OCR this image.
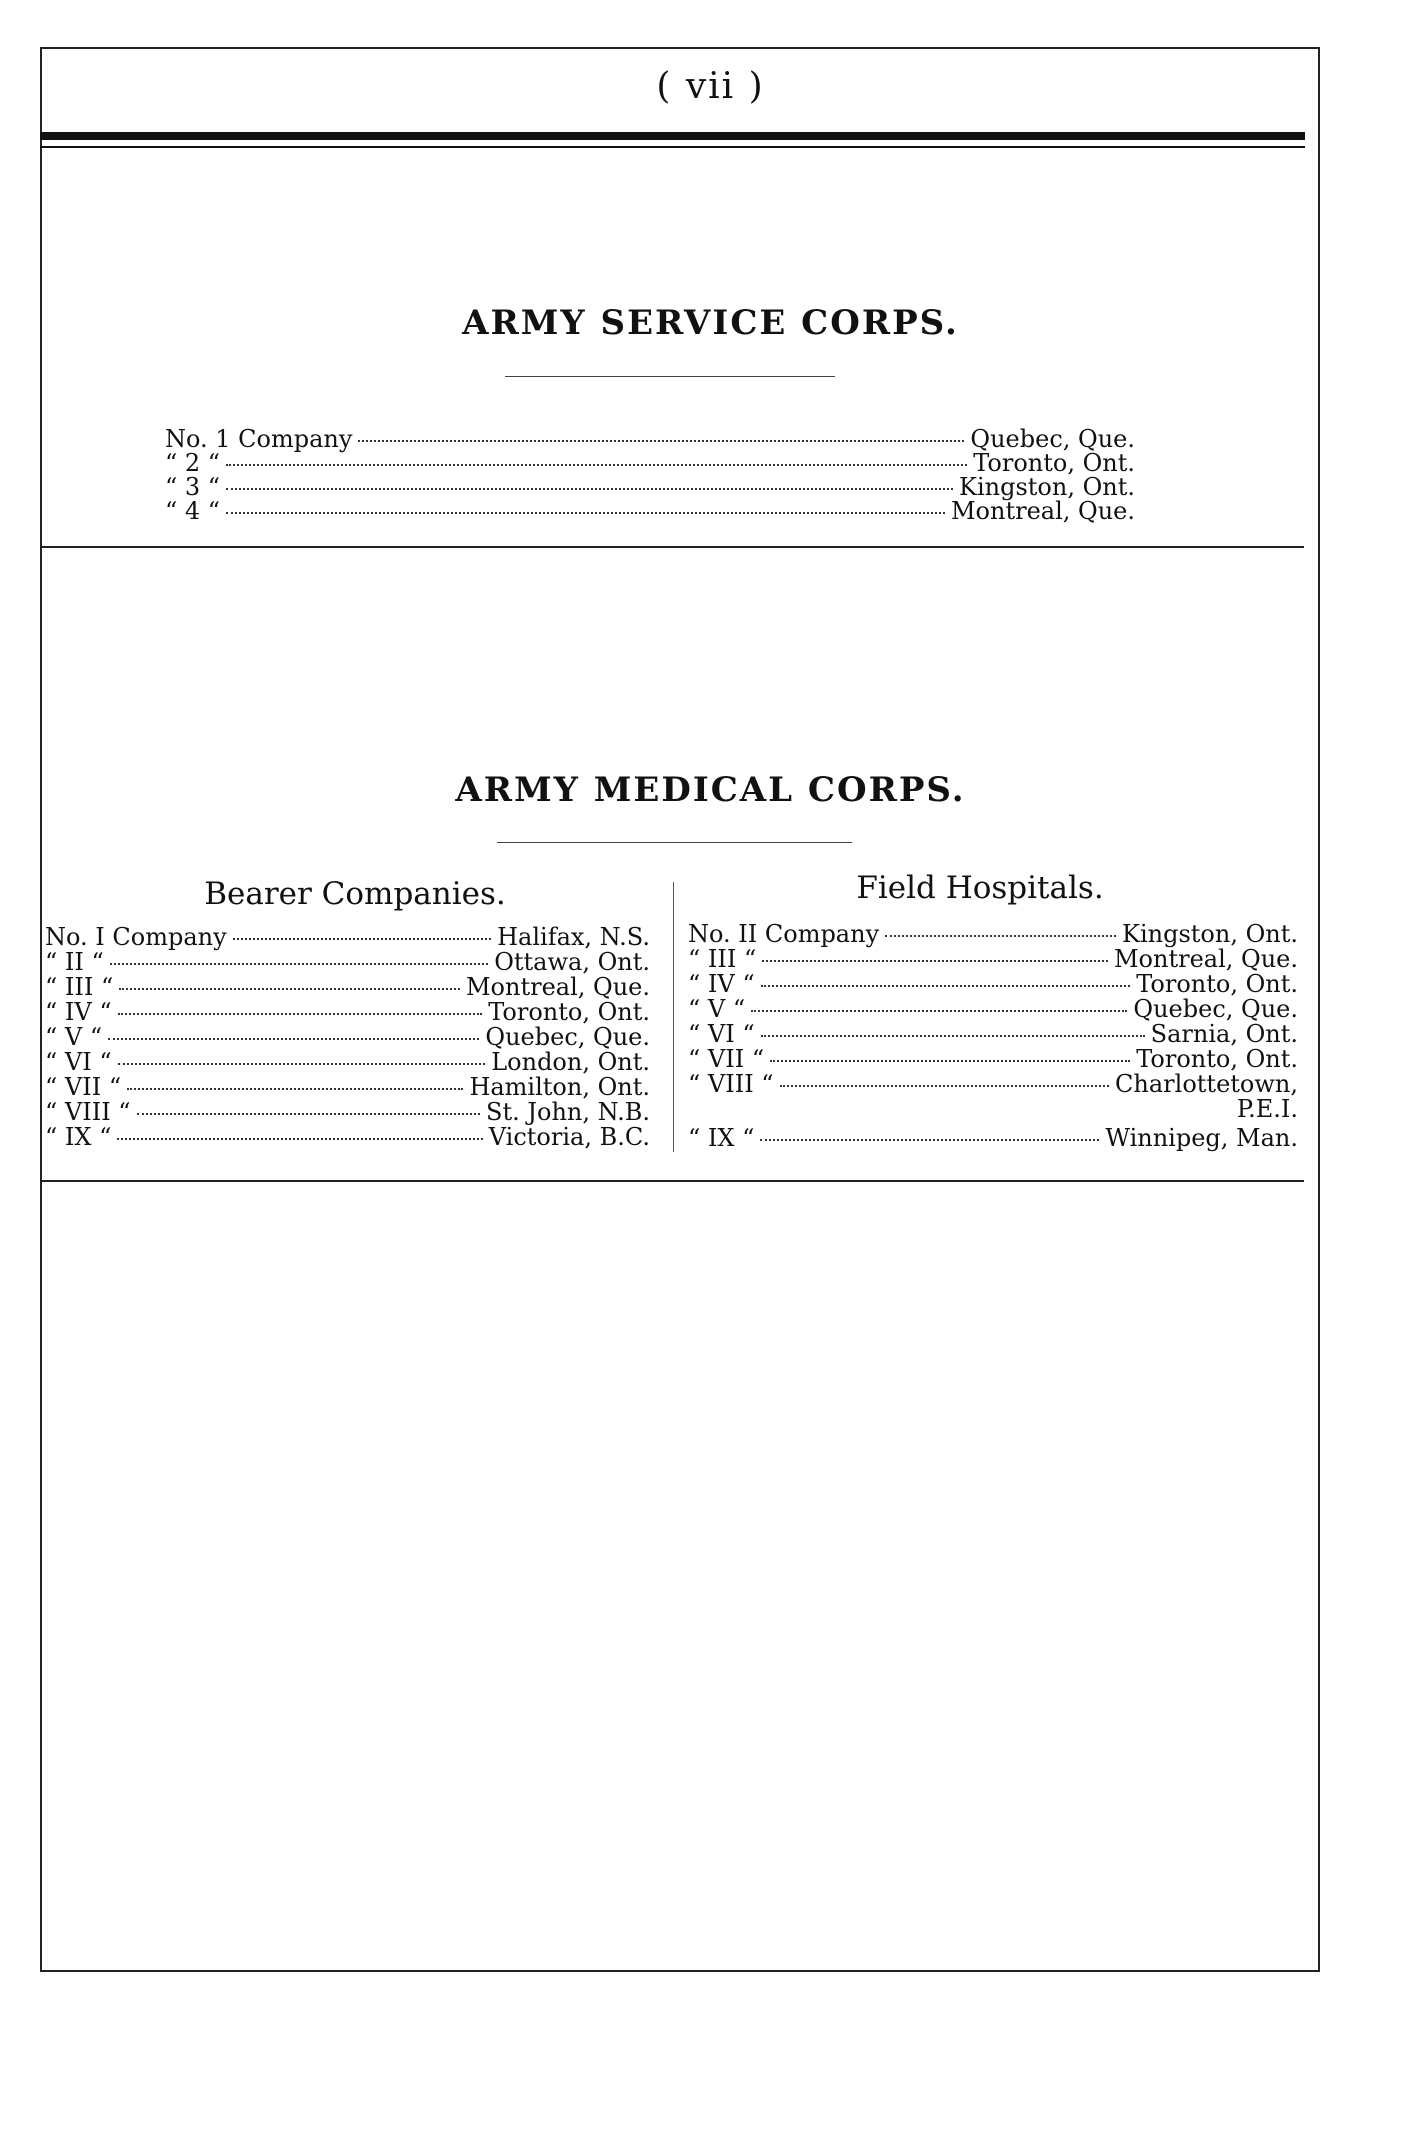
( vii )
ARMY SERVICE CORPS.
No. 1 Company	Quebec, Que.
“ 2 “	Toronto, Ont.
“ 3 “	Kingston, Ont.
“ 4 “	Montreal, Que.
ARMY MEDICAL CORPS.
Bearer Companies.
No. I Company	Halifax, N.S.
“ II “	Ottawa, Ont.
“ III “	Montreal, Que.
“ IV “	Toronto, Ont.
“ V “	Quebec, Que.
“ VI “	London, Ont.
“ VII “	Hamilton, Ont.
“ VIII “	St. John, N.B.
“ IX “	Victoria, B.C.
Field Hospitals.
No. II Company	Kingston, Ont.
“ III “	Montreal, Que.
“ IV “	Toronto, Ont.
“ V “	Quebec, Que.
“ VI “	Sarnia, Ont.
“ VII “	Toronto, Ont.
“ VIII “	Charlottetown,
P.E.I.
“ IX “	Winnipeg, Man.
